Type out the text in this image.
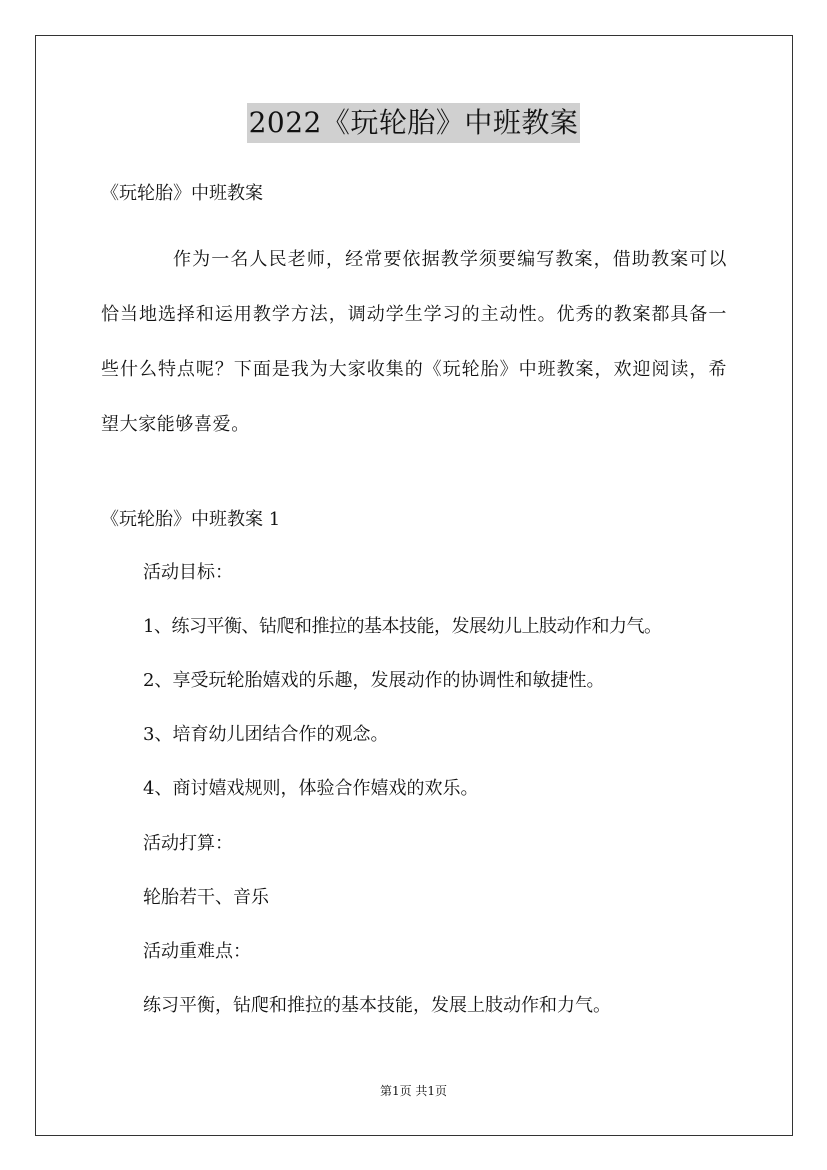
2022《玩轮胎》中班教案

《玩轮胎》中班教案

作为一名人民老师，经常要依据教学须要编写教案，借助教案可以恰当地选择和运用教学方法，调动学生学习的主动性。优秀的教案都具备一些什么特点呢？下面是我为大家收集的《玩轮胎》中班教案，欢迎阅读，希望大家能够喜爱。

《玩轮胎》中班教案 1

活动目标：

1、练习平衡、钻爬和推拉的基本技能，发展幼儿上肢动作和力气。

2、享受玩轮胎嬉戏的乐趣，发展动作的协调性和敏捷性。

3、培育幼儿团结合作的观念。

4、商讨嬉戏规则，体验合作嬉戏的欢乐。

活动打算：

轮胎若干、音乐

活动重难点：

练习平衡，钻爬和推拉的基本技能，发展上肢动作和力气。

第1页 共1页
